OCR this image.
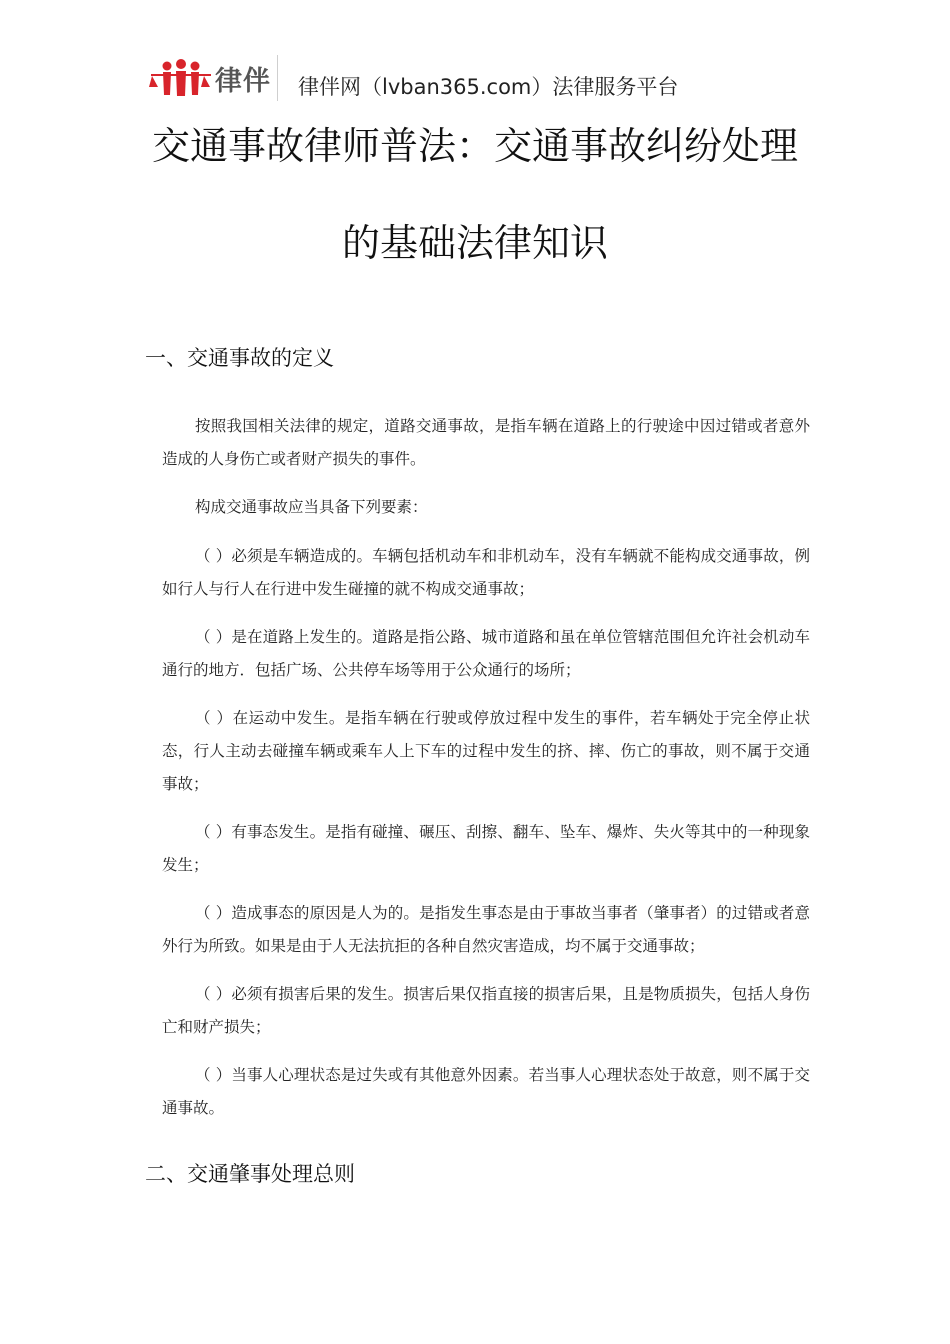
律伴 律伴网（lvban365.com）法律服务平台
交通事故律师普法：交通事故纠纷处理
的基础法律知识
一、交通事故的定义

按照我国相关法律的规定，道路交通事故，是指车辆在道路上的行驶途中因过错或者意外造成的人身伤亡或者财产损失的事件。

构成交通事故应当具备下列要素：

（ ）必须是车辆造成的。车辆包括机动车和非机动车，没有车辆就不能构成交通事故，例如行人与行人在行进中发生碰撞的就不构成交通事故；

（ ）是在道路上发生的。道路是指公路、城市道路和虽在单位管辖范围但允许社会机动车通行的地方．包括广场、公共停车场等用于公众通行的场所；

（ ）在运动中发生。是指车辆在行驶或停放过程中发生的事件，若车辆处于完全停止状态，行人主动去碰撞车辆或乘车人上下车的过程中发生的挤、摔、伤亡的事故，则不属于交通事故；

（ ）有事态发生。是指有碰撞、碾压、刮擦、翻车、坠车、爆炸、失火等其中的一种现象发生；

（ ）造成事态的原因是人为的。是指发生事态是由于事故当事者（肇事者）的过错或者意外行为所致。如果是由于人无法抗拒的各种自然灾害造成，均不属于交通事故；

（ ）必须有损害后果的发生。损害后果仅指直接的损害后果，且是物质损失，包括人身伤亡和财产损失；

（ ）当事人心理状态是过失或有其他意外因素。若当事人心理状态处于故意，则不属于交通事故。

二、交通肇事处理总则
